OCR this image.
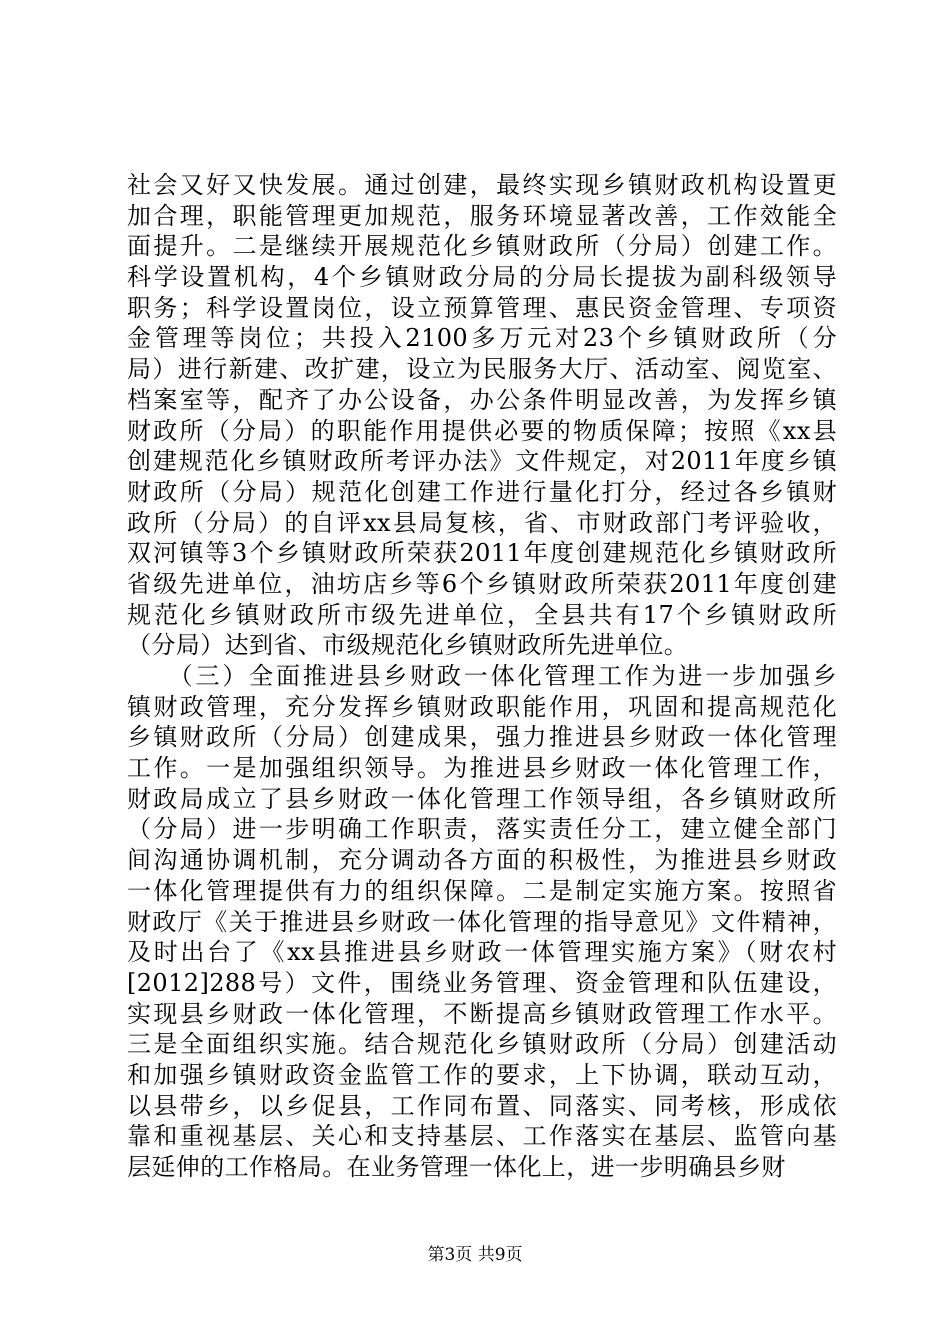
社会又好又快发展。通过创建，最终实现乡镇财政机构设置更
加合理，职能管理更加规范，服务环境显著改善，工作效能全
面提升。二是继续开展规范化乡镇财政所（分局）创建工作。
科学设置机构，4个乡镇财政分局的分局长提拔为副科级领导
职务；科学设置岗位，设立预算管理、惠民资金管理、专项资
金管理等岗位；共投入2100多万元对23个乡镇财政所（分
局）进行新建、改扩建，设立为民服务大厅、活动室、阅览室、
档案室等，配齐了办公设备，办公条件明显改善，为发挥乡镇
财政所（分局）的职能作用提供必要的物质保障；按照《xx县
创建规范化乡镇财政所考评办法》文件规定，对2011年度乡镇
财政所（分局）规范化创建工作进行量化打分，经过各乡镇财
政所（分局）的自评xx县局复核，省、市财政部门考评验收，
双河镇等3个乡镇财政所荣获2011年度创建规范化乡镇财政所
省级先进单位，油坊店乡等6个乡镇财政所荣获2011年度创建
规范化乡镇财政所市级先进单位，全县共有17个乡镇财政所
（分局）达到省、市级规范化乡镇财政所先进单位。
　　（三）全面推进县乡财政一体化管理工作为进一步加强乡
镇财政管理，充分发挥乡镇财政职能作用，巩固和提高规范化
乡镇财政所（分局）创建成果，强力推进县乡财政一体化管理
工作。一是加强组织领导。为推进县乡财政一体化管理工作，
财政局成立了县乡财政一体化管理工作领导组，各乡镇财政所
（分局）进一步明确工作职责，落实责任分工，建立健全部门
间沟通协调机制，充分调动各方面的积极性，为推进县乡财政
一体化管理提供有力的组织保障。二是制定实施方案。按照省
财政厅《关于推进县乡财政一体化管理的指导意见》文件精神，
及时出台了《xx县推进县乡财政一体管理实施方案》（财农村
[2012]288号）文件，围绕业务管理、资金管理和队伍建设，
实现县乡财政一体化管理，不断提高乡镇财政管理工作水平。
三是全面组织实施。结合规范化乡镇财政所（分局）创建活动
和加强乡镇财政资金监管工作的要求，上下协调，联动互动，
以县带乡，以乡促县，工作同布置、同落实、同考核，形成依
靠和重视基层、关心和支持基层、工作落实在基层、监管向基
层延伸的工作格局。在业务管理一体化上，进一步明确县乡财
第3页 共9页
